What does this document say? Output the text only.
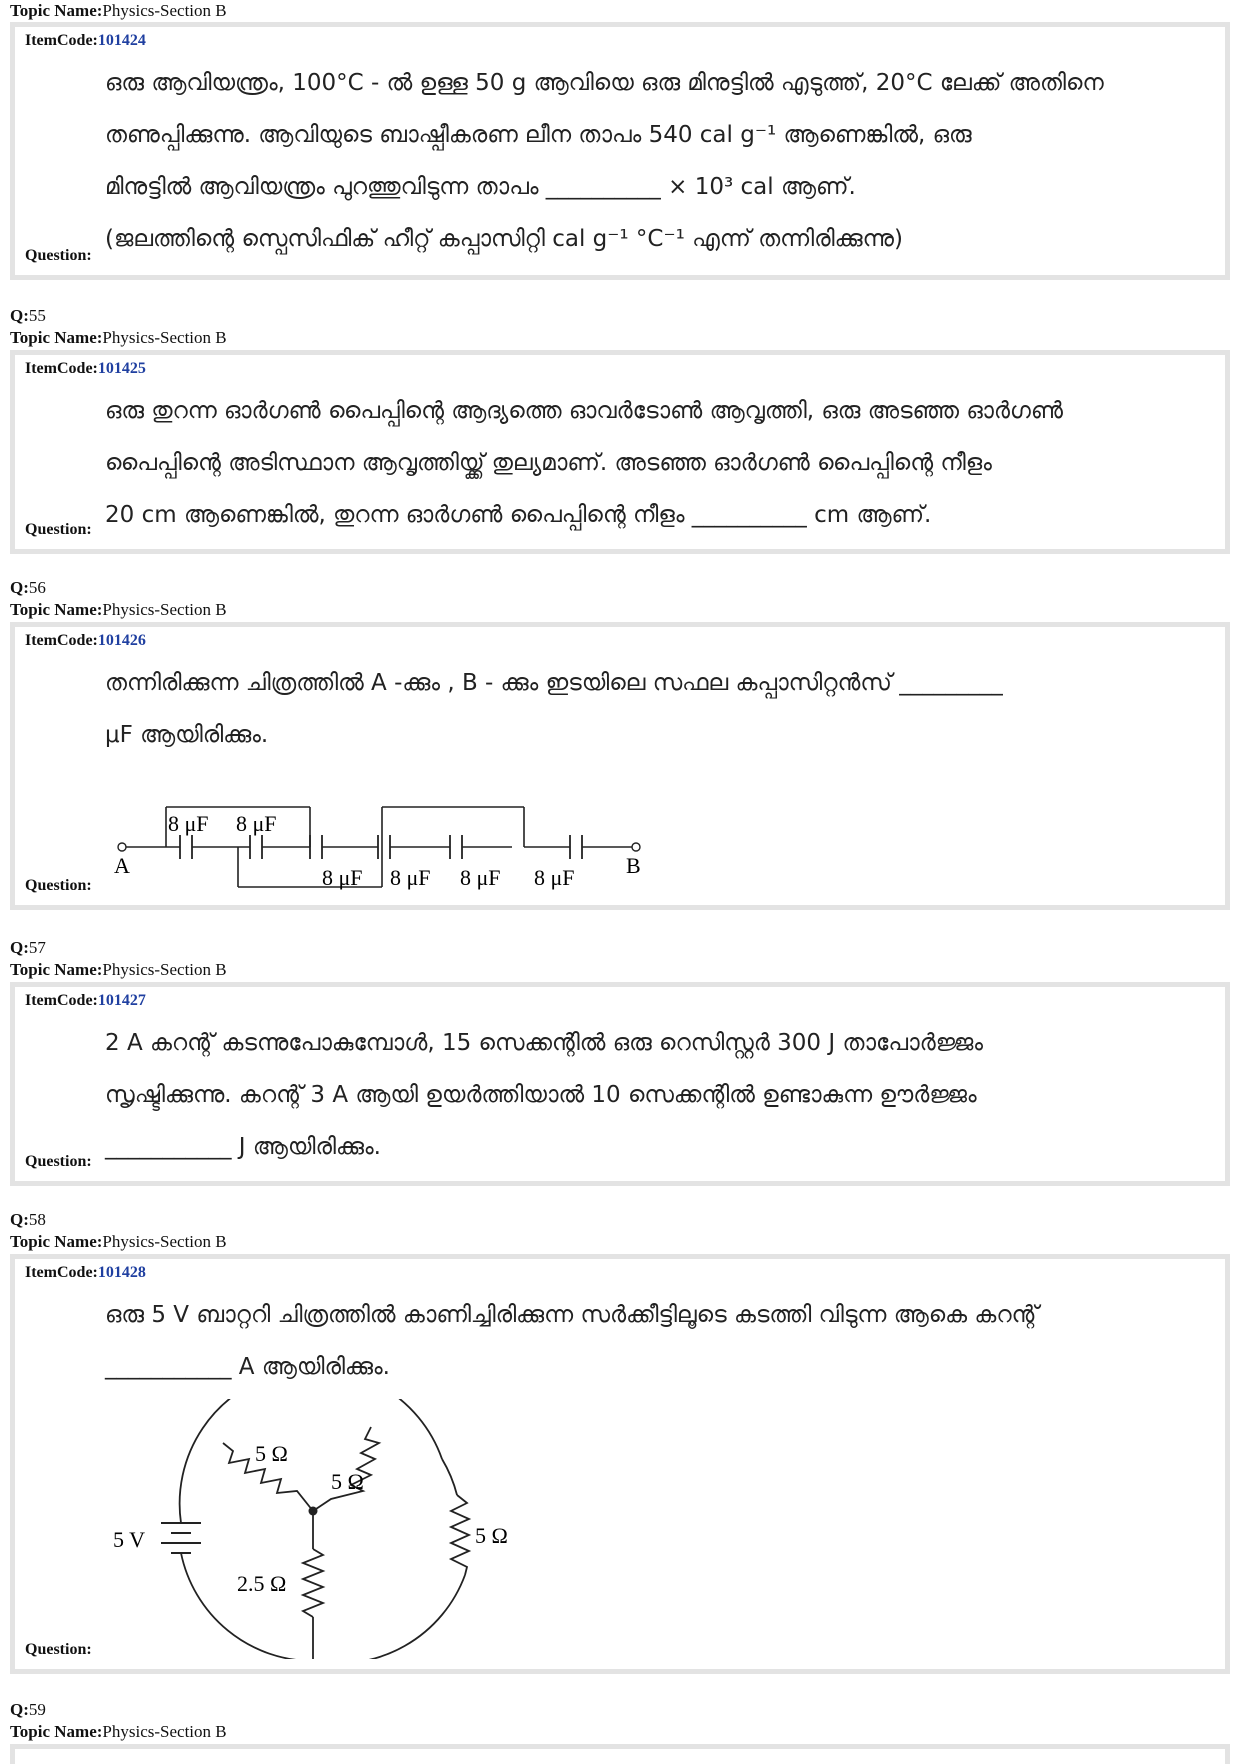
Topic Name:Physics-Section B
ItemCode:101424
ഒരു ആവിയന്ത്രം, 100°C - ൽ ഉള്ള 50 g ആവിയെ ഒരു മിനുട്ടിൽ എടുത്ത്, 20°C ലേക്ക് അതിനെ
തണുപ്പിക്കുന്നു. ആവിയുടെ ബാഷ്പീകരണ ലീന താപം 540 cal g⁻¹ ആണെങ്കിൽ, ഒരു
മിനുട്ടിൽ ആവിയന്ത്രം പുറത്തുവിടുന്ന താപം __________ × 10³ cal ആണ്.
(ജലത്തിന്റെ സ്പെസിഫിക് ഹീറ്റ് കപ്പാസിറ്റി cal g⁻¹ °C⁻¹ എന്ന് തന്നിരിക്കുന്നു)
Question:
Q:55
Topic Name:Physics-Section B
ItemCode:101425
ഒരു തുറന്ന ഓർഗൺ പൈപ്പിന്റെ ആദ്യത്തെ ഓവർടോൺ ആവൃത്തി, ഒരു അടഞ്ഞ ഓർഗൺ
പൈപ്പിന്റെ അടിസ്ഥാന ആവൃത്തിയ്ക്ക് തുല്യമാണ്. അടഞ്ഞ ഓർഗൺ പൈപ്പിന്റെ നീളം
20 cm ആണെങ്കിൽ, തുറന്ന ഓർഗൺ പൈപ്പിന്റെ നീളം __________ cm ആണ്.
Question:
Q:56
Topic Name:Physics-Section B
ItemCode:101426
തന്നിരിക്കുന്ന ചിത്രത്തിൽ A -ക്കും , B - ക്കും ഇടയിലെ സഫല കപ്പാസിറ്റൻസ് _________
μF ആയിരിക്കും.
A	B
8 μF 8 μF
8 μF 8 μF 8 μF 8 μF
Question:
Q:57
Topic Name:Physics-Section B
ItemCode:101427
2 A കറന്റ് കടന്നുപോകുമ്പോൾ, 15 സെക്കന്റിൽ ഒരു റെസിസ്റ്റർ 300 J താപോർജ്ജം
സൃഷ്ടിക്കുന്നു. കറന്റ് 3 A ആയി ഉയർത്തിയാൽ 10 സെക്കന്റിൽ ഉണ്ടാകുന്ന ഊർജ്ജം
___________ J ആയിരിക്കും.
Question:
Q:58
Topic Name:Physics-Section B
ItemCode:101428
ഒരു 5 V ബാറ്ററി ചിത്രത്തിൽ കാണിച്ചിരിക്കുന്ന സർക്കീട്ടിലൂടെ കടത്തി വിടുന്ന ആകെ കറന്റ്
___________ A ആയിരിക്കും.
5 V
5 Ω
5 Ω
5 Ω
2.5 Ω
Question:
Q:59
Topic Name:Physics-Section B
